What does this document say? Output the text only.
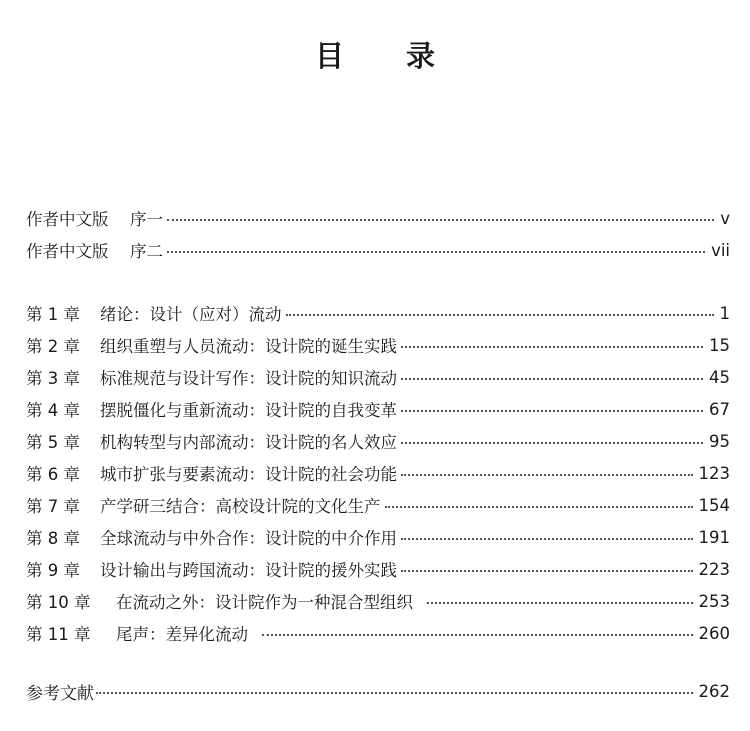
目 录
作者中文版	序一	v
作者中文版	序二	vii
第 1 章	绪论：设计（应对）流动	1
第 2 章	组织重塑与人员流动：设计院的诞生实践	15
第 3 章	标准规范与设计写作：设计院的知识流动	45
第 4 章	摆脱僵化与重新流动：设计院的自我变革	67
第 5 章	机构转型与内部流动：设计院的名人效应	95
第 6 章	城市扩张与要素流动：设计院的社会功能	123
第 7 章	产学研三结合：高校设计院的文化生产	154
第 8 章	全球流动与中外合作：设计院的中介作用	191
第 9 章	设计输出与跨国流动：设计院的援外实践	223
第 10 章	在流动之外：设计院作为一种混合型组织	253
第 11 章	尾声：差异化流动	260
参考文献	262
